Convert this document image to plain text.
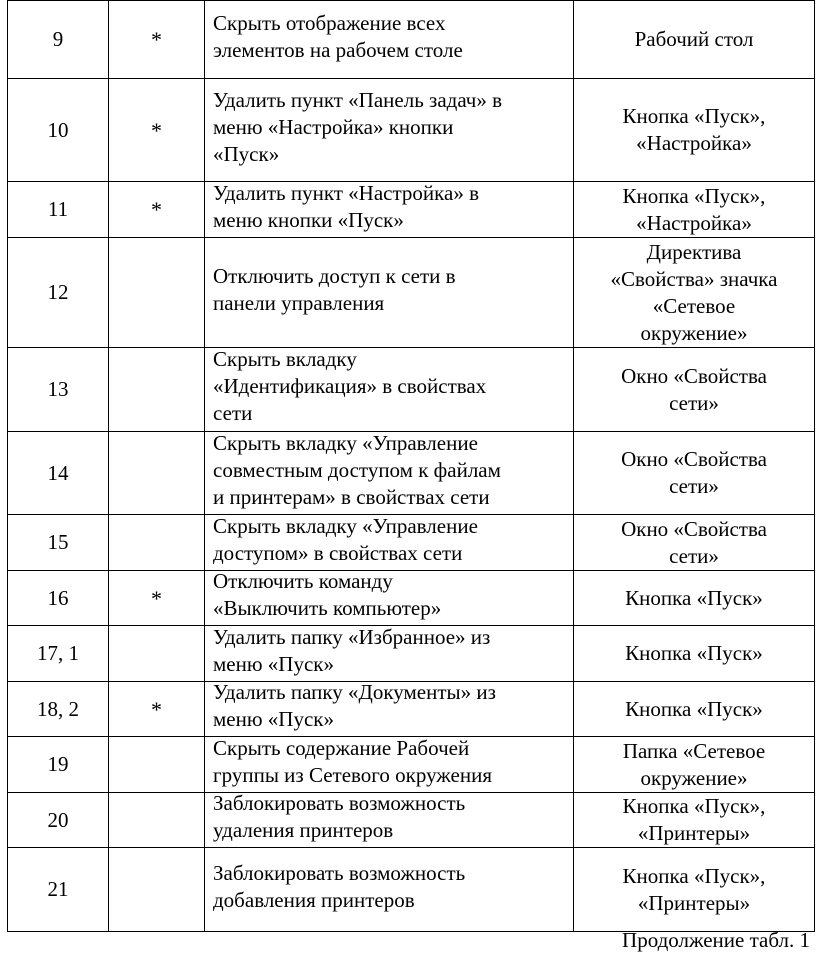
9	*	Скрыть отображение всех
элементов на рабочем столе	Рабочий стол

10	*	Удалить пункт «Панель задач» в
меню «Настройка» кнопки
«Пуск»	Кнопка «Пуск»,
«Настройка»

11	*	Удалить пункт «Настройка» в
меню кнопки «Пуск»	Кнопка «Пуск»,
«Настройка»

12		Отключить доступ к сети в
панели управления	Директива
«Свойства» значка
«Сетевое
окружение»

13		Скрыть вкладку
«Идентификация» в свойствах
сети	Окно «Свойства
сети»

14		Скрыть вкладку «Управление
совместным доступом к файлам
и принтерам» в свойствах сети	Окно «Свойства
сети»

15		Скрыть вкладку «Управление
доступом» в свойствах сети	Окно «Свойства
сети»

16	*	Отключить команду
«Выключить компьютер»	Кнопка «Пуск»

17, 1		Удалить папку «Избранное» из
меню «Пуск»	Кнопка «Пуск»

18, 2	*	Удалить папку «Документы» из
меню «Пуск»	Кнопка «Пуск»

19		Скрыть содержание Рабочей
группы из Сетевого окружения	Папка «Сетевое
окружение»

20		Заблокировать возможность
удаления принтеров	Кнопка «Пуск»,
«Принтеры»

21		Заблокировать возможность
добавления принтеров	Кнопка «Пуск»,
«Принтеры»
Продолжение табл. 1
